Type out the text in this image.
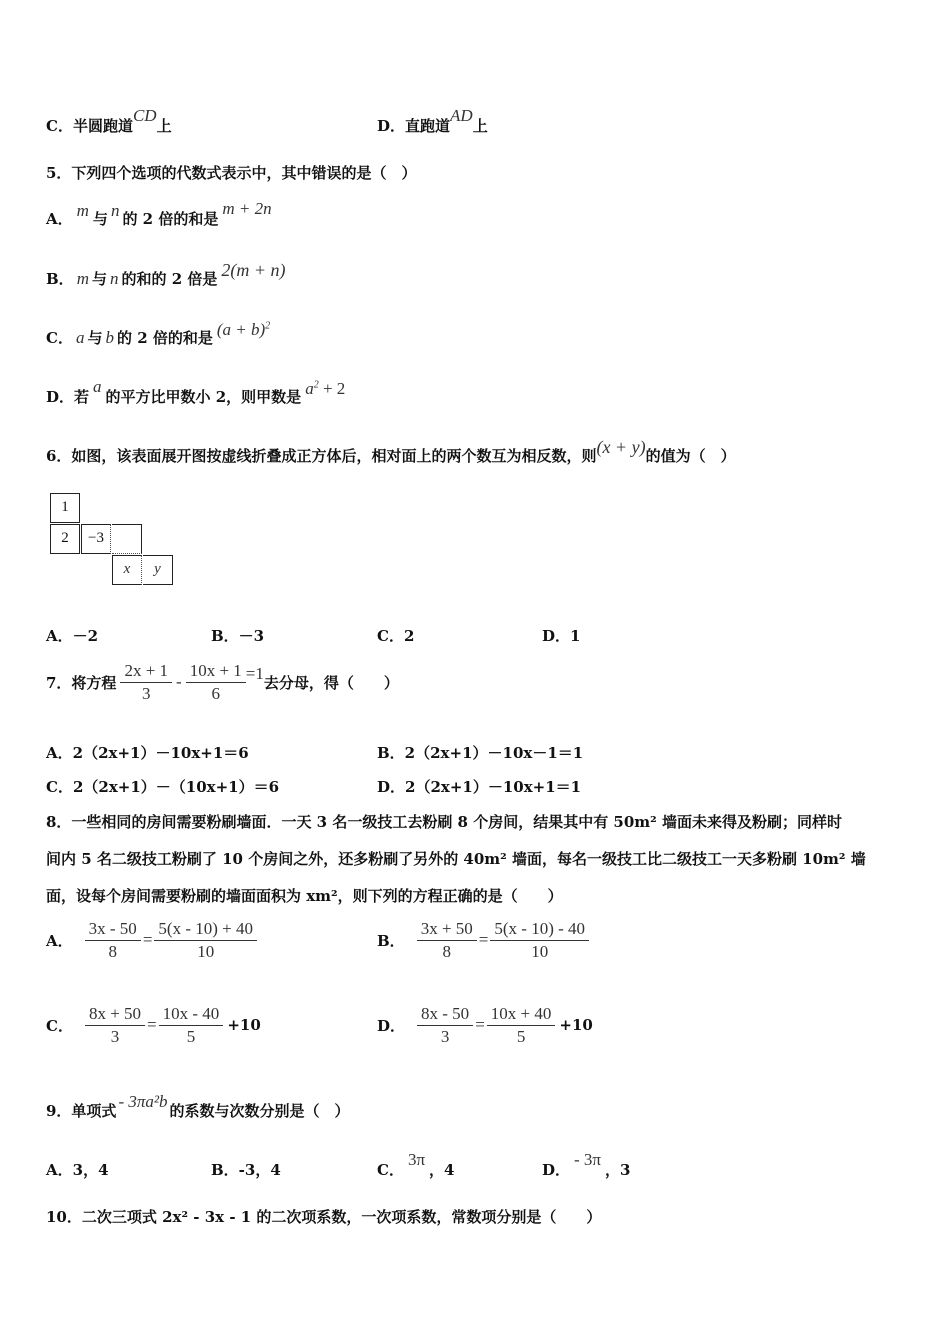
C．半圆跑道CD上	D．直跑道AD上
5．下列四个选项的代数式表示中，其中错误的是（　）
A． m 与 n 的 2 倍的和是m + 2n
B． m 与 n 的和的 2 倍是 2(m + n)
C． a 与 b 的 2 倍的和是 $(a + b)^2$
D．若a的平方比甲数小 2，则甲数是 $a^2 + 2$
6．如图，该表面展开图按虚线折叠成正方体后，相对面上的两个数互为相反数，则(x + y)的值为（　）
1
2	−3
x	y
A．－2	B．－3	C．2	D．1
7．将方程 $\frac{2x + 1}{3} - \frac{10x + 1}{6} =1$ 去分母，得（　　）
A．2（2x+1）－10x+1＝6	B．2（2x+1）－10x－1＝1
C．2（2x+1）－（10x+1）＝6	D．2（2x+1）－10x+1＝1
8．一些相同的房间需要粉刷墙面．一天 3 名一级技工去粉刷 8 个房间，结果其中有 50m² 墙面未来得及粉刷；同样时
间内 5 名二级技工粉刷了 10 个房间之外，还多粉刷了另外的 40m² 墙面，每名一级技工比二级技工一天多粉刷 10m² 墙
面，设每个房间需要粉刷的墙面面积为 xm²，则下列的方程正确的是（　　）
A． $\frac{3x - 50}{8} = \frac{5(x - 10) + 40}{10}$	B． $\frac{3x + 50}{8} = \frac{5(x - 10) - 40}{10}$
C． $\frac{8x + 50}{3} = \frac{10x - 40}{5} +10$	D． $\frac{8x - 50}{3} = \frac{10x + 40}{5} +10$
9．单项式 - 3πa²b 的系数与次数分别是（　）
A．3，4	B．-3，4	C．3π，4	D．- 3π，3
10．二次三项式 2x² - 3x - 1 的二次项系数，一次项系数，常数项分别是（　　）
